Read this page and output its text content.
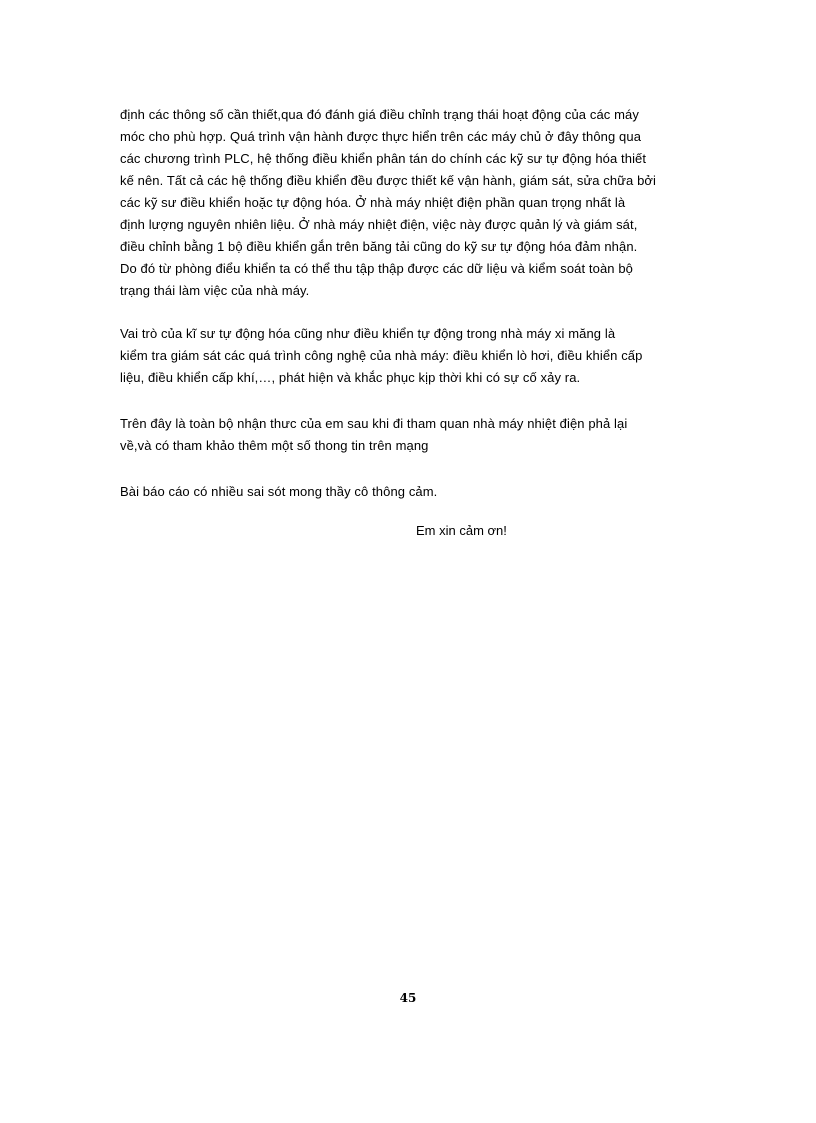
định các thông số cần thiết,qua đó đánh giá điều chỉnh trạng thái hoạt động của các máy
móc cho phù hợp. Quá trình vận hành được thực hiển trên các máy chủ ở đây thông qua
các chương trình PLC, hệ thống điều khiển phân tán do chính các kỹ sư tự động hóa thiết
kế nên. Tất cả các hệ thống điều khiển đều được thiết kế vận hành, giám sát, sửa chữa bởi
các kỹ sư điều khiển hoặc tự động hóa. Ở nhà máy nhiệt điện phần quan trọng nhất là
định lượng nguyên nhiên liệu. Ở nhà máy nhiệt điện, việc này được quản lý và giám sát,
điều chỉnh bằng 1 bộ điều khiển gắn trên băng tải cũng do kỹ sư tự động hóa đảm nhận.
Do đó từ phòng điểu khiển ta có thể thu tập thập được các dữ liệu và kiểm soát toàn bộ
trạng thái làm việc của nhà máy.
Vai trò của kĩ sư tự động hóa cũng như điều khiển tự động trong nhà máy xi măng là
kiểm tra giám sát các quá trình công nghệ của nhà máy: điều khiển lò hơi, điều khiển cấp
liệu, điều khiển cấp khí,…, phát hiện và khắc phục kịp thời khi có sự cố xảy ra.
Trên đây là toàn bộ nhận thưc của em sau khi đi tham quan nhà máy nhiệt điện phả lại
về,và có tham khảo thêm một số thong tin trên mạng
Bài báo cáo có nhiều sai sót mong thầy cô thông cảm.
Em xin cảm ơn!
45
